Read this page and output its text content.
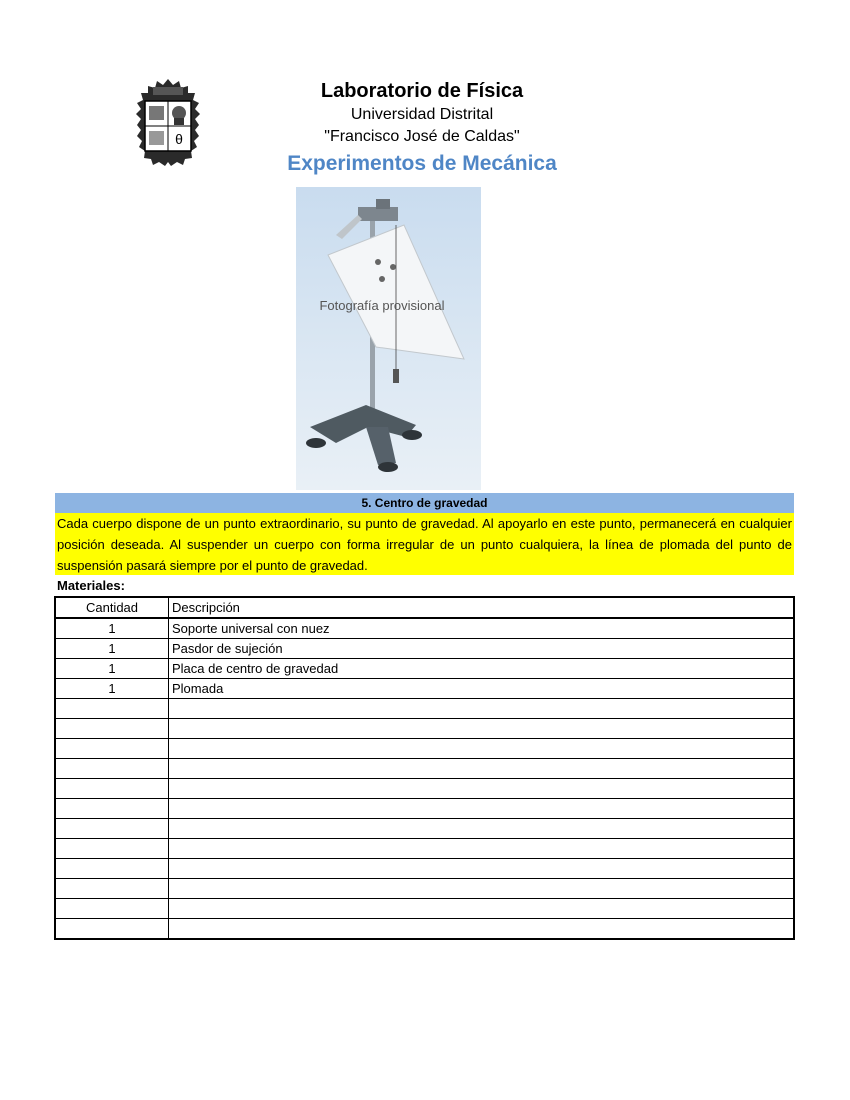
θ
Laboratorio de Física
Universidad Distrital
"Francisco José de Caldas"
Experimentos de Mecánica
Fotografía provisional
5. Centro de gravedad
Cada cuerpo dispone de un punto extraordinario, su punto de gravedad. Al apoyarlo en este punto, permanecerá en cualquier posición deseada. Al suspender un cuerpo con forma irregular de un punto cualquiera, la línea de plomada del punto de suspensión pasará siempre por el punto de gravedad.
Materiales:
Cantidad	Descripción
1	Soporte universal con nuez
1	Pasdor de sujeción
1	Placa de centro de gravedad
1	Plomada
